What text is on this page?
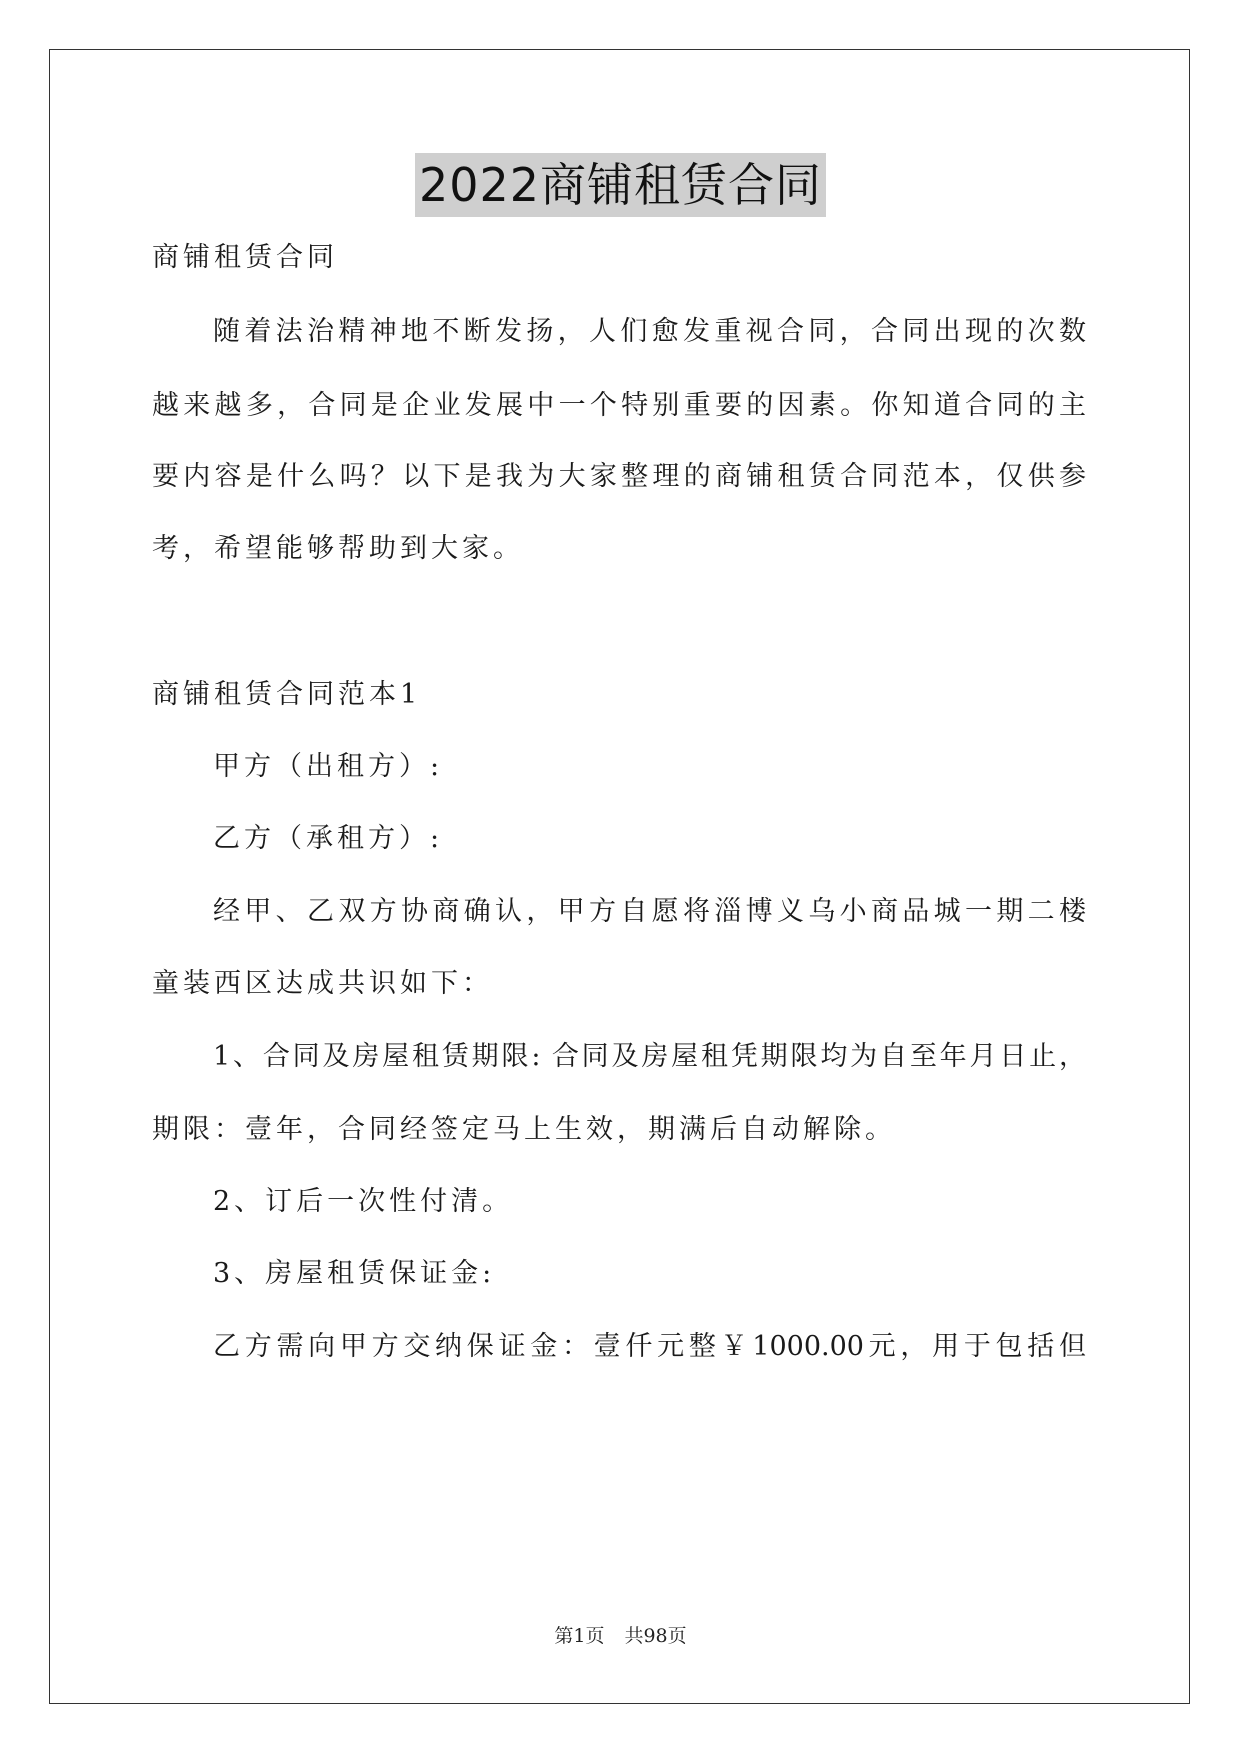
2022商铺租赁合同
商铺租赁合同
随着法治精神地不断发扬，人们愈发重视合同，合同出现的次数
越来越多，合同是企业发展中一个特别重要的因素。你知道合同的主
要内容是什么吗？以下是我为大家整理的商铺租赁合同范本，仅供参
考，希望能够帮助到大家。
商铺租赁合同范本1
甲方（出租方）:
乙方（承租方）:
经甲、乙双方协商确认，甲方自愿将淄博义乌小商品城一期二楼
童装西区达成共识如下：
1、合同及房屋租赁期限: 合同及房屋租凭期限均为自至年月日止，
期限：壹年，合同经签定马上生效，期满后自动解除。
2、订后一次性付清。
3、房屋租赁保证金:
乙方需向甲方交纳保证金：壹仟元整￥1000.00元，用于包括但
第1页 共98页
